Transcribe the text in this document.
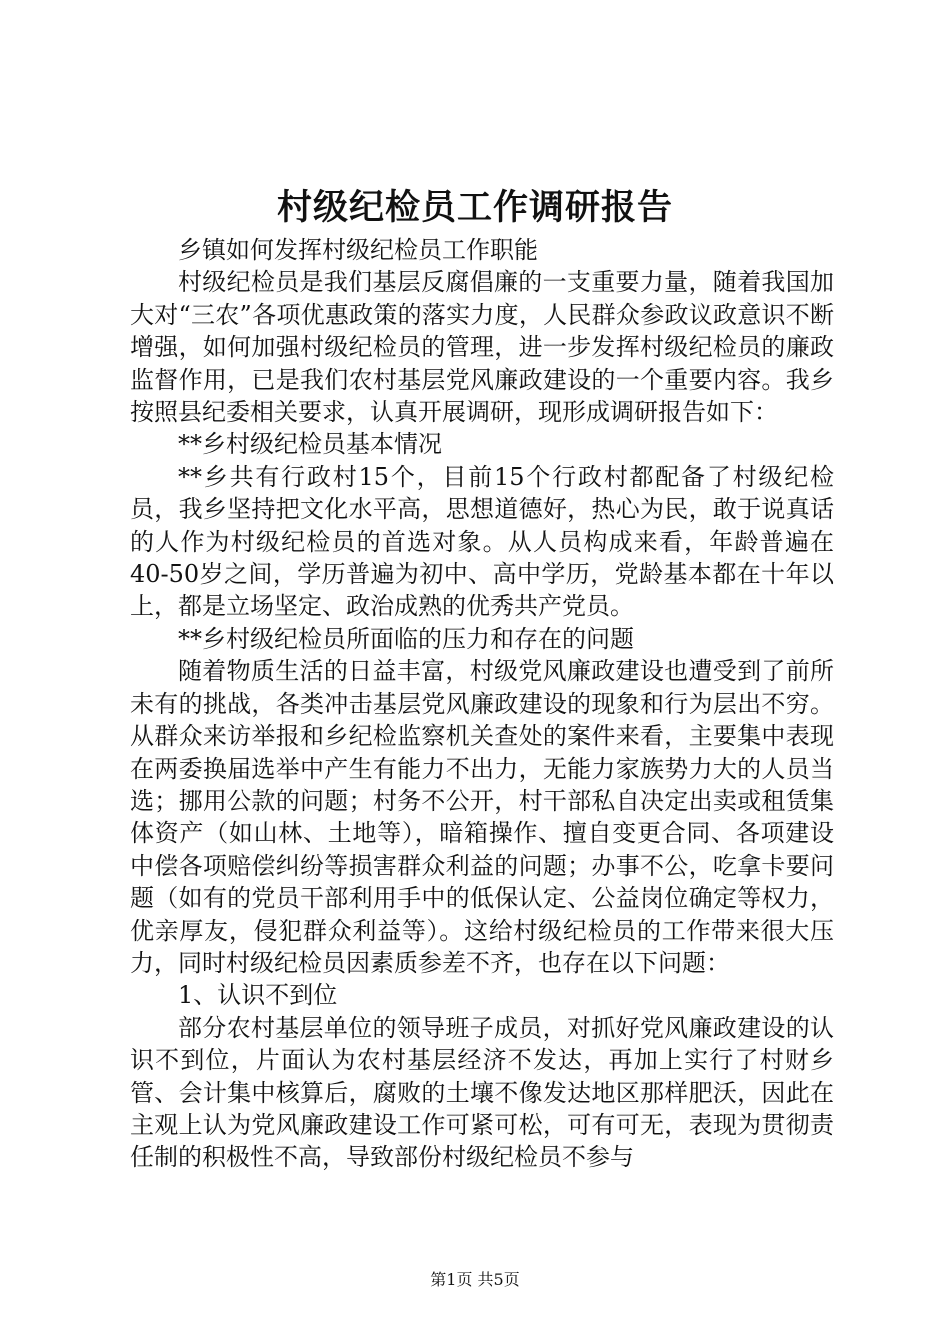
村级纪检员工作调研报告

乡镇如何发挥村级纪检员工作职能

村级纪检员是我们基层反腐倡廉的一支重要力量，随着我国加大对“三农”各项优惠政策的落实力度，人民群众参政议政意识不断增强，如何加强村级纪检员的管理，进一步发挥村级纪检员的廉政监督作用，已是我们农村基层党风廉政建设的一个重要内容。我乡按照县纪委相关要求，认真开展调研，现形成调研报告如下：

**乡村级纪检员基本情况

**乡共有行政村15个，目前15个行政村都配备了村级纪检员，我乡坚持把文化水平高，思想道德好，热心为民，敢于说真话的人作为村级纪检员的首选对象。从人员构成来看，年龄普遍在40-50岁之间，学历普遍为初中、高中学历，党龄基本都在十年以上，都是立场坚定、政治成熟的优秀共产党员。

**乡村级纪检员所面临的压力和存在的问题

随着物质生活的日益丰富，村级党风廉政建设也遭受到了前所未有的挑战，各类冲击基层党风廉政建设的现象和行为层出不穷。从群众来访举报和乡纪检监察机关查处的案件来看，主要集中表现在两委换届选举中产生有能力不出力，无能力家族势力大的人员当选；挪用公款的问题；村务不公开，村干部私自决定出卖或租赁集体资产（如山林、土地等），暗箱操作、擅自变更合同、各项建设中偿各项赔偿纠纷等损害群众利益的问题；办事不公，吃拿卡要问题（如有的党员干部利用手中的低保认定、公益岗位确定等权力，优亲厚友，侵犯群众利益等）。这给村级纪检员的工作带来很大压力，同时村级纪检员因素质参差不齐，也存在以下问题：

1、认识不到位

部分农村基层单位的领导班子成员，对抓好党风廉政建设的认识不到位，片面认为农村基层经济不发达，再加上实行了村财乡管、会计集中核算后，腐败的土壤不像发达地区那样肥沃，因此在主观上认为党风廉政建设工作可紧可松，可有可无，表现为贯彻责任制的积极性不高，导致部份村级纪检员不参与

第1页 共5页
